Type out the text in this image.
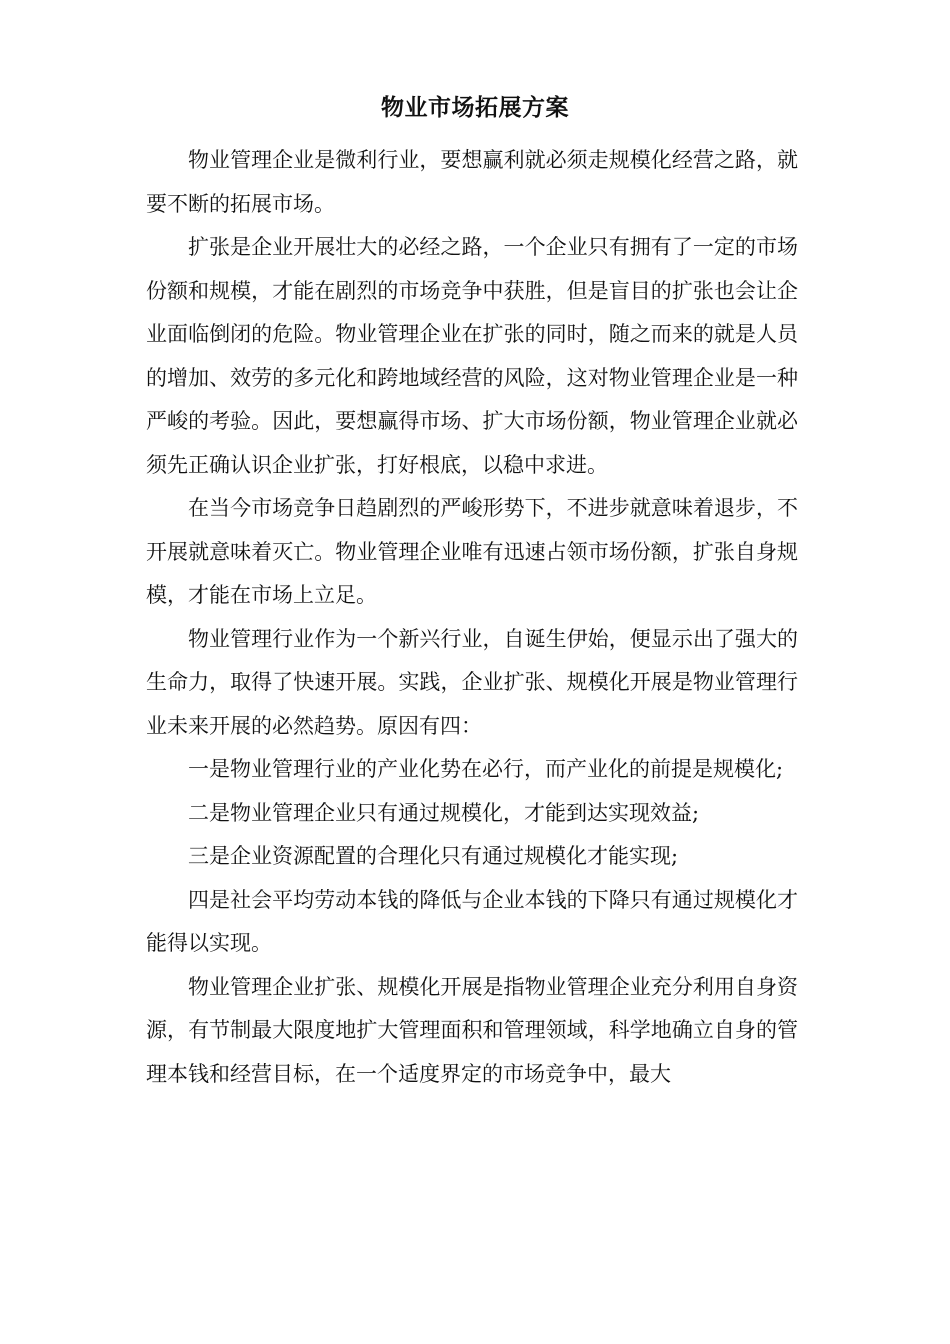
物业市场拓展方案

物业管理企业是微利行业，要想赢利就必须走规模化经营之路，就要不断的拓展市场。

扩张是企业开展壮大的必经之路，一个企业只有拥有了一定的市场份额和规模，才能在剧烈的市场竞争中获胜，但是盲目的扩张也会让企业面临倒闭的危险。物业管理企业在扩张的同时，随之而来的就是人员的增加、效劳的多元化和跨地域经营的风险，这对物业管理企业是一种严峻的考验。因此，要想赢得市场、扩大市场份额，物业管理企业就必须先正确认识企业扩张，打好根底，以稳中求进。

在当今市场竞争日趋剧烈的严峻形势下，不进步就意味着退步，不开展就意味着灭亡。物业管理企业唯有迅速占领市场份额，扩张自身规模，才能在市场上立足。

物业管理行业作为一个新兴行业，自诞生伊始，便显示出了强大的生命力，取得了快速开展。实践，企业扩张、规模化开展是物业管理行业未来开展的必然趋势。原因有四：

一是物业管理行业的产业化势在必行，而产业化的前提是规模化;

二是物业管理企业只有通过规模化，才能到达实现效益;

三是企业资源配置的合理化只有通过规模化才能实现;

四是社会平均劳动本钱的降低与企业本钱的下降只有通过规模化才能得以实现。

物业管理企业扩张、规模化开展是指物业管理企业充分利用自身资源，有节制最大限度地扩大管理面积和管理领域，科学地确立自身的管理本钱和经营目标，在一个适度界定的市场竞争中，最大
